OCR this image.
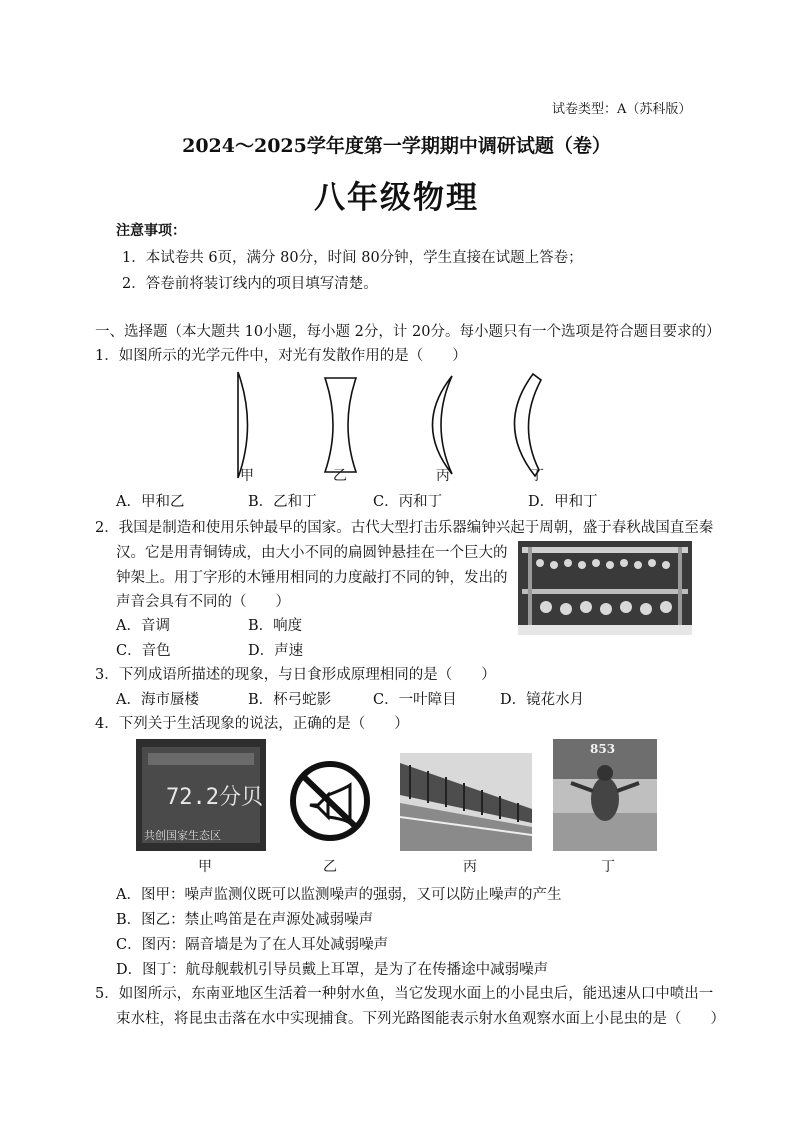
试卷类型：A（苏科版）
2024～2025学年度第一学期期中调研试题（卷）
八年级物理
注意事项：
1．本试卷共 6页，满分 80分，时间 80分钟，学生直接在试题上答卷；
2．答卷前将装订线内的项目填写清楚。
一、选择题（本大题共 10小题，每小题 2分，计 20分。每小题只有一个选项是符合题目要求的）
1．如图所示的光学元件中，对光有发散作用的是（　　）
甲	乙	丙	丁
A．甲和乙	B．乙和丁	C．丙和丁	D．甲和丁
2．我国是制造和使用乐钟最早的国家。古代大型打击乐器编钟兴起于周朝，盛于春秋战国直至秦
汉。它是用青铜铸成，由大小不同的扁圆钟悬挂在一个巨大的
钟架上。用丁字形的木锤用相同的力度敲打不同的钟，发出的
声音会具有不同的（　　）
A．音调	B．响度
C．音色	D．声速
3．下列成语所描述的现象，与日食形成原理相同的是（　　）
A．海市蜃楼	B．杯弓蛇影	C．一叶障目	D．镜花水月
4．下列关于生活现象的说法，正确的是（　　）
72.2分贝
共创国家生态区
853
甲	乙	丙	丁
A．图甲：噪声监测仪既可以监测噪声的强弱，又可以防止噪声的产生
B．图乙：禁止鸣笛是在声源处减弱噪声
C．图丙：隔音墙是为了在人耳处减弱噪声
D．图丁：航母舰载机引导员戴上耳罩，是为了在传播途中减弱噪声
5．如图所示，东南亚地区生活着一种射水鱼，当它发现水面上的小昆虫后，能迅速从口中喷出一
束水柱，将昆虫击落在水中实现捕食。下列光路图能表示射水鱼观察水面上小昆虫的是（　　）
